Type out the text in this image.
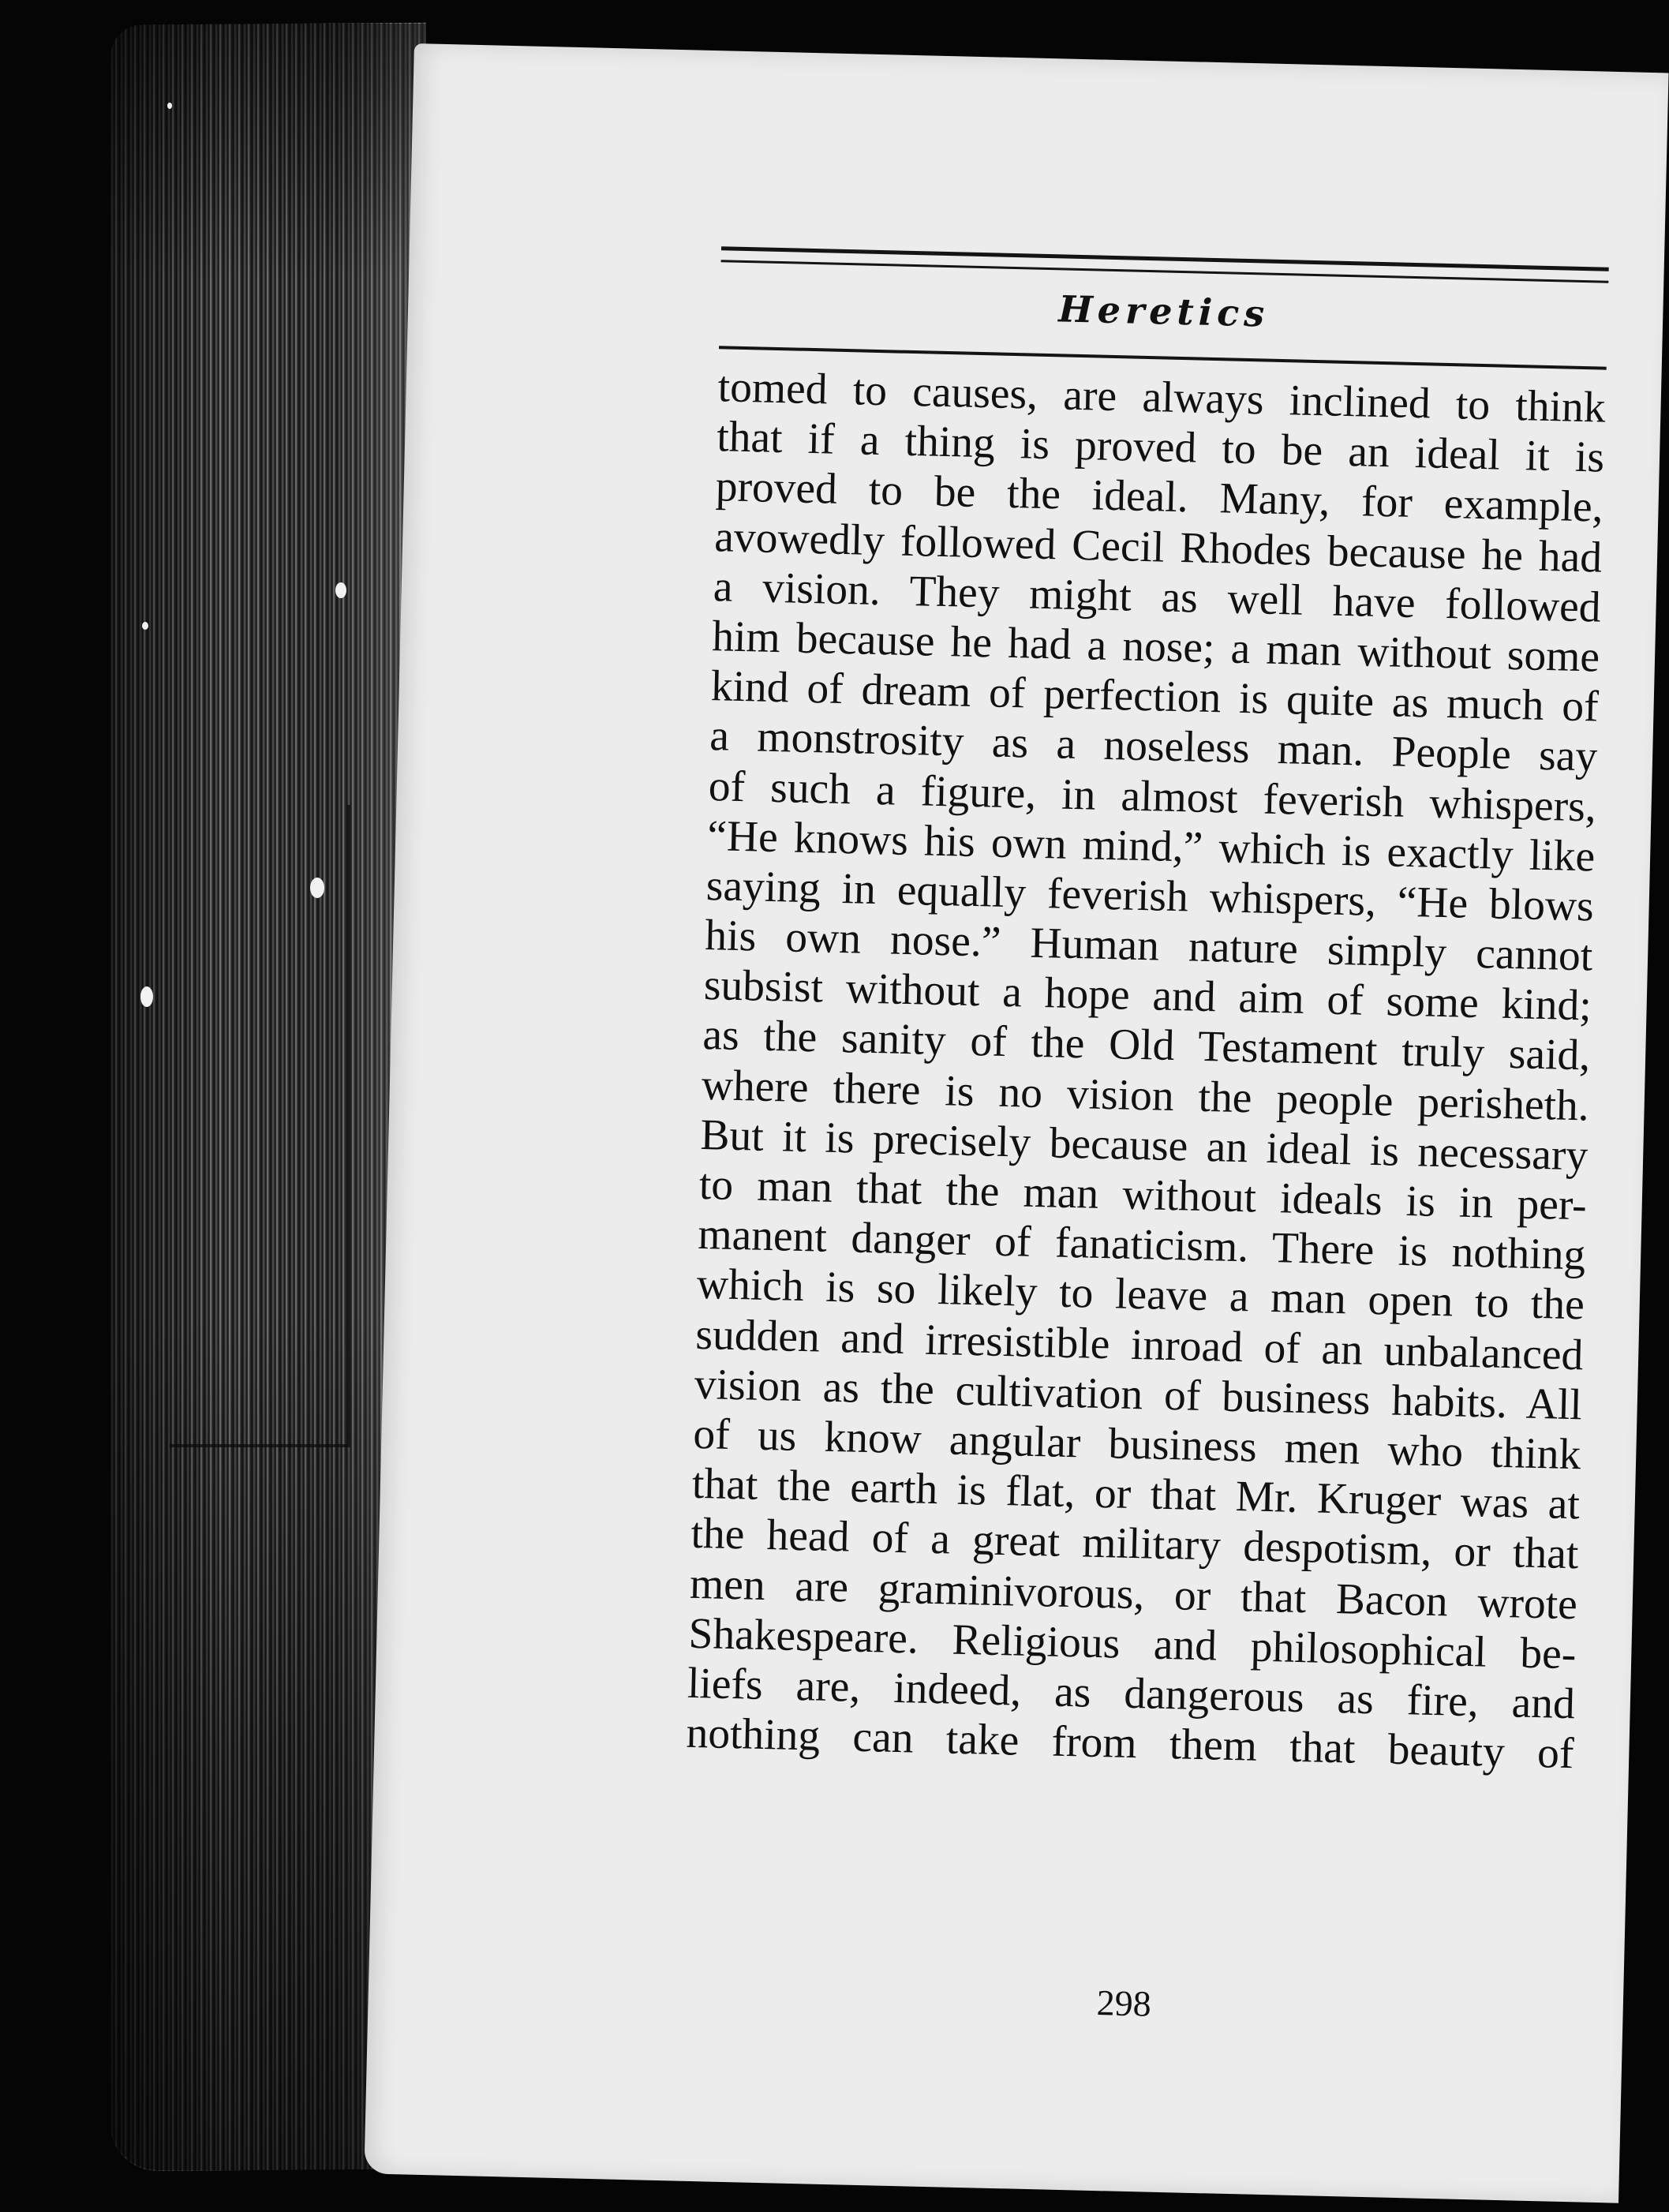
Heretics
tomed to causes, are always inclined to think
that if a thing is proved to be an ideal it is
proved to be the ideal. Many, for example,
avowedly followed Cecil Rhodes because he had
a vision. They might as well have followed
him because he had a nose; a man without some
kind of dream of perfection is quite as much of
a monstrosity as a noseless man. People say
of such a figure, in almost feverish whispers,
“He knows his own mind,” which is exactly like
saying in equally feverish whispers, “He blows
his own nose.” Human nature simply cannot
subsist without a hope and aim of some kind;
as the sanity of the Old Testament truly said,
where there is no vision the people perisheth.
But it is precisely because an ideal is necessary
to man that the man without ideals is in per-
manent danger of fanaticism. There is nothing
which is so likely to leave a man open to the
sudden and irresistible inroad of an unbalanced
vision as the cultivation of business habits. All
of us know angular business men who think
that the earth is flat, or that Mr. Kruger was at
the head of a great military despotism, or that
men are graminivorous, or that Bacon wrote
Shakespeare. Religious and philosophical be-
liefs are, indeed, as dangerous as fire, and
nothing can take from them that beauty of
298
